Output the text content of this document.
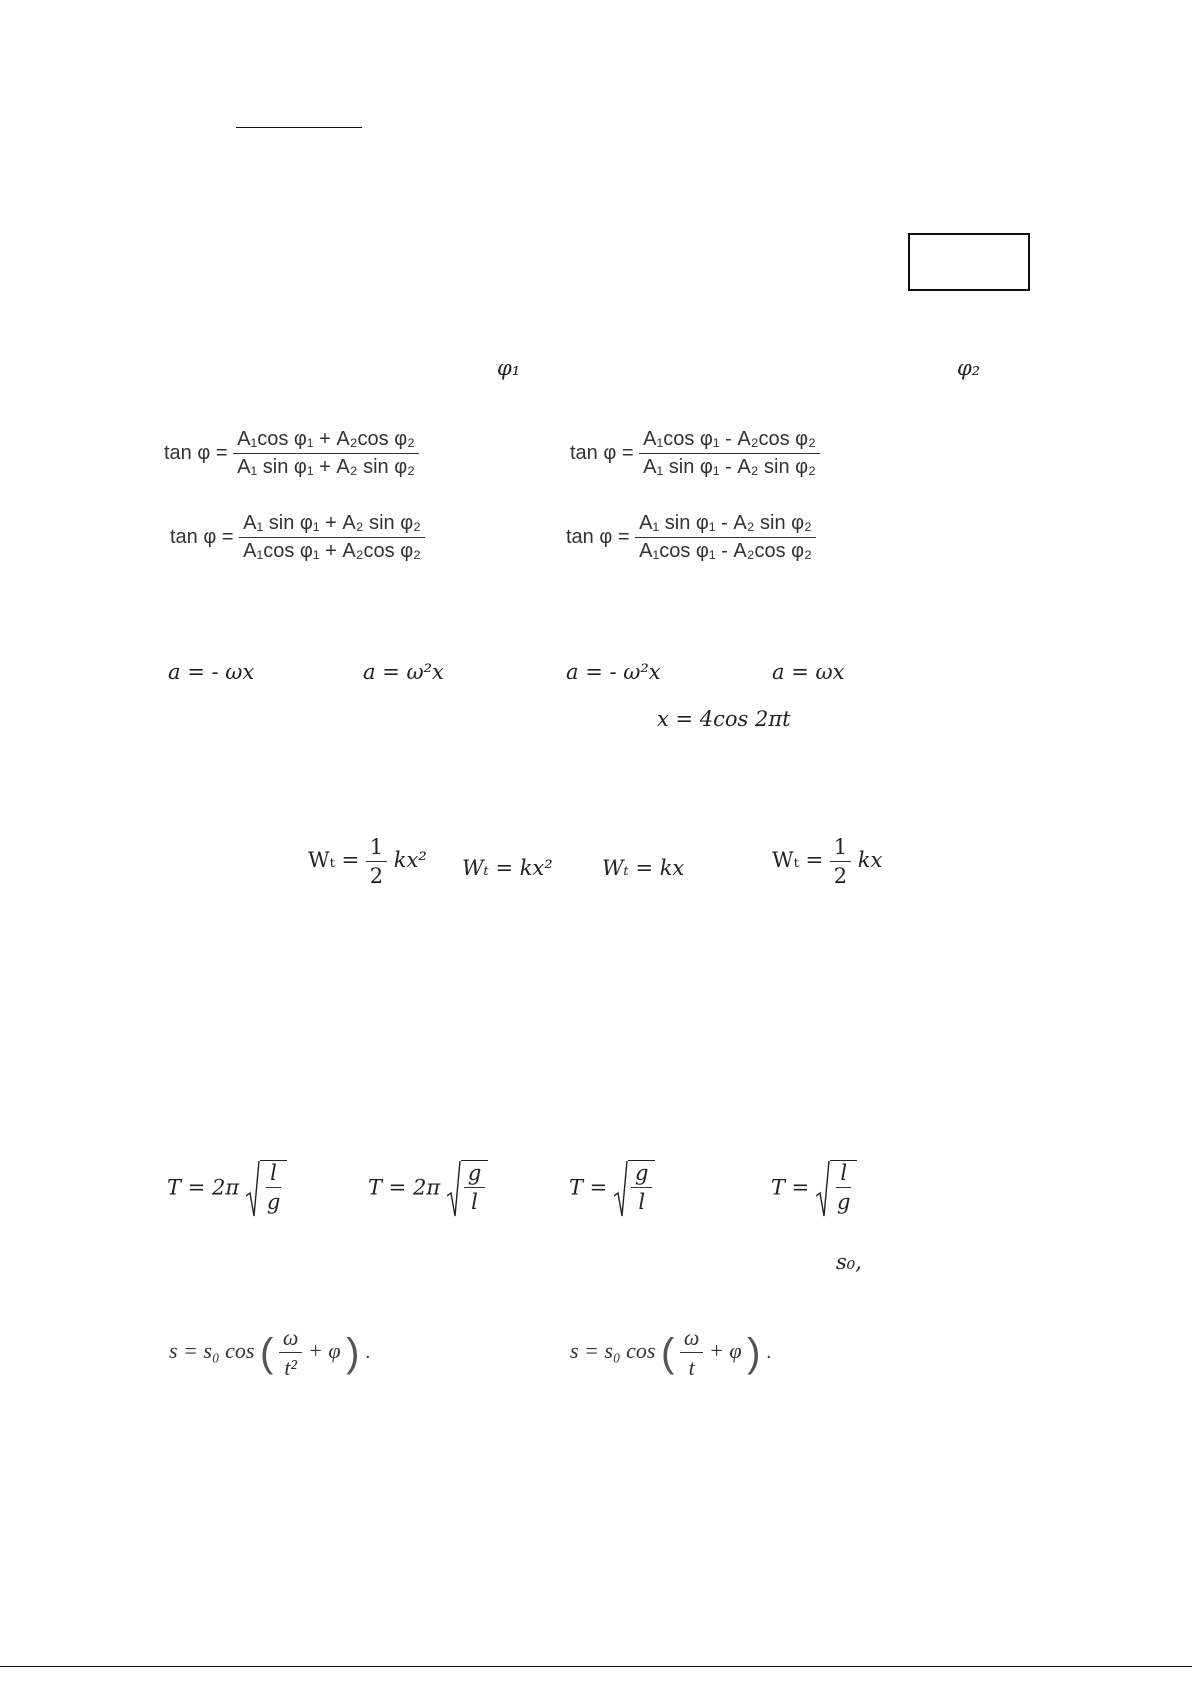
φ₁	φ₂
$\tan \varphi = \frac{\text{A₁cos φ₁ + A₂cos φ₂}}{\text{A₁ sin φ₁ + A₂ sin φ₂}}$	$\tan \varphi = \frac{\text{A₁cos φ₁ - A₂cos φ₂}}{\text{A₁ sin φ₁ - A₂ sin φ₂}}$
$\tan \varphi = \frac{\text{A₁ sin φ₁ + A₂ sin φ₂}}{\text{A₁cos φ₁ + A₂cos φ₂}}$	$\tan \varphi = \frac{\text{A₁ sin φ₁ - A₂ sin φ₂}}{\text{A₁cos φ₁ - A₂cos φ₂}}$
a = - ωx	a = ω²x	a = - ω²x	a = ωx
x = 4cos 2πt
$W_t = \frac{1}{2} kx^2$ Wₜ = kx² Wₜ = kx	$W_t = \frac{1}{2}$ kx
$T = 2\pi \frac{l}{g}$	$T = 2\pi \frac{g}{l}$	$T = \frac{g}{l}$	$T = \frac{l}{g}$
s₀,
s = s₀ cos ( $\frac{\omega}{\text{t²}} + \varphi$ ) .	s = s₀ cos ( $\frac{\omega}{t} + \varphi$ ) .
